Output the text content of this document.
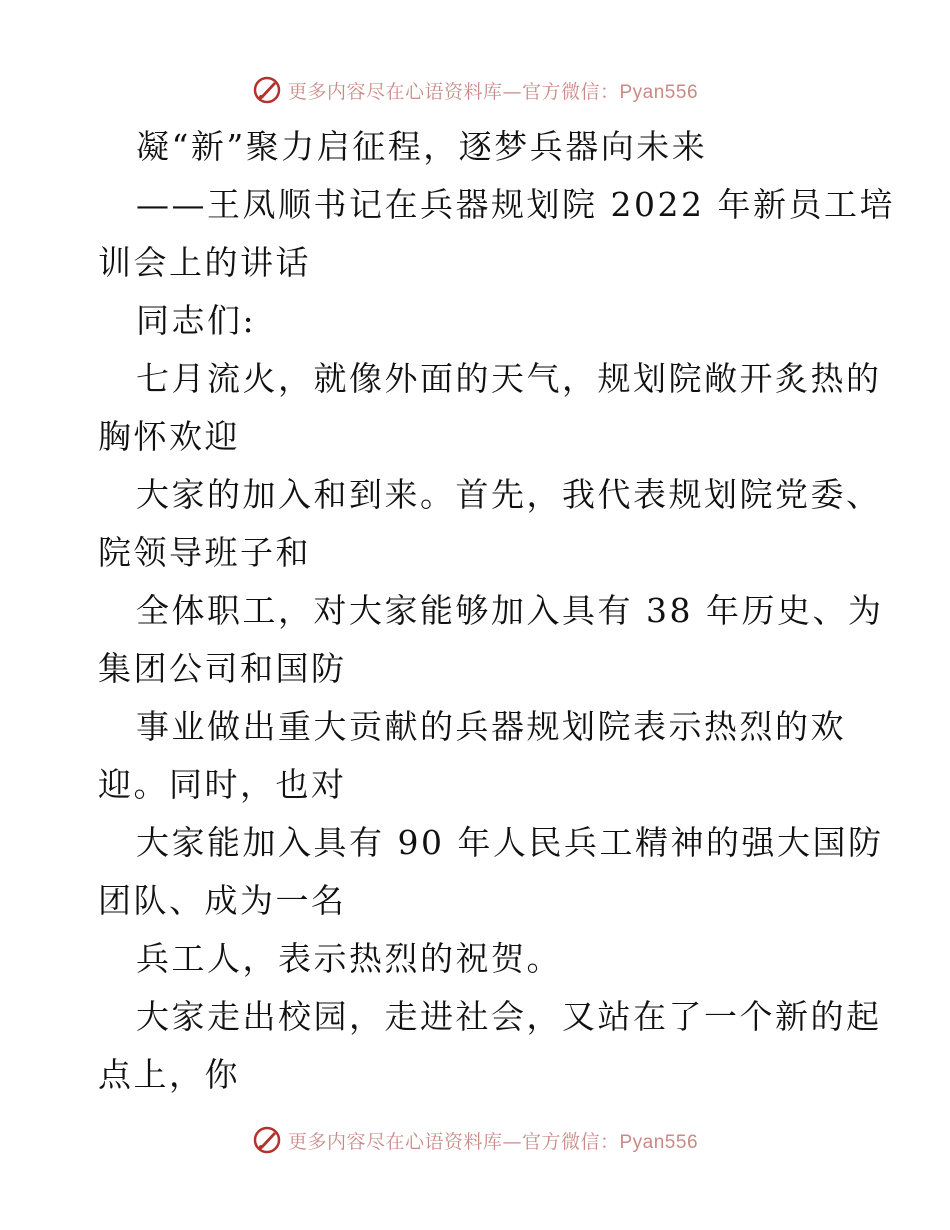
更多内容尽在心语资料库—官方微信：Pyan556
凝“新”聚力启征程，逐梦兵器向未来
——王凤顺书记在兵器规划院 2022 年新员工培
训会上的讲话
同志们:
七月流火，就像外面的天气，规划院敞开炙热的
胸怀欢迎
大家的加入和到来。首先，我代表规划院党委、
院领导班子和
全体职工，对大家能够加入具有 38 年历史、为
集团公司和国防
事业做出重大贡献的兵器规划院表示热烈的欢
迎。同时，也对
大家能加入具有 90 年人民兵工精神的强大国防
团队、成为一名
兵工人，表示热烈的祝贺。
大家走出校园，走进社会，又站在了一个新的起
点上，你
更多内容尽在心语资料库—官方微信：Pyan556
